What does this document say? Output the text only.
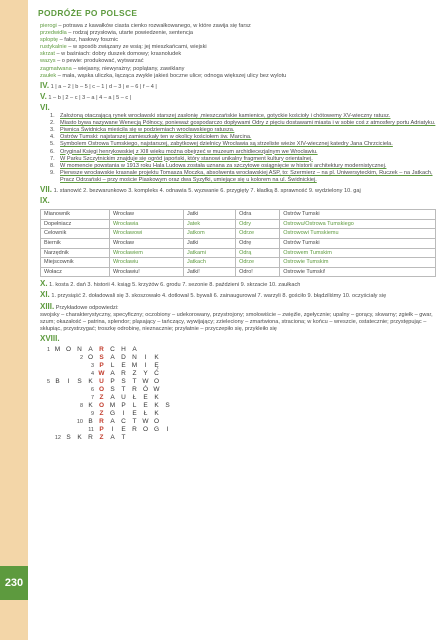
230
PODRÓŻE PO POLSCE
pierogi – potrawa z kawałków ciasta cienko rozwałkowanego, w które zawija się farsz
przedwidła – rodzaj przysłowia, utarte powiedzenie, sentencja
sploptę – fałsz, hasłowy fosznic
rustykalnie – w sposób związany ze wsią: jej mieszkańcami, wiejski
skrzat – w baśniach: dobry duszek domowy; krasnoludek
wazys – o pewie: produkować, wytwarzać
zagmatwana – wiejasny, niewyrażny; poplątany, zawiklany
zaułek – mała, wąska uliczka, łącząca zwykle jakieś boczne ulice; odnoga większej ulicy bez wylotu
IV. 1 | a – 2 | b – 5 | c – 1 | d – 3 | e – 6 | f – 4 |
V. 1 – b | 2 – c | 3 – a | 4 – a | 5 – c |
VI.
1. Założoną otaczającą rynek wrocławski starszej zasłonię ‚mieszczańskie kamienice, gotyckie kościoły i chótowemy XV-wieczny ratusz.
2. Miasto bywa nazywane Wenecją Północy, ponieważ gospodarczo dopływami Odry z pięciu dostawami miasta i w sobie coś z atmosfery portu Adriatyku.
3. Piwnica Świdnicka mieściła się w podziemiach wrocławskiego ratusza.
4. Ostrów Tumski: najstarszej zamieszkały ten w okolicy kościołem św. Marcina.
5. Symbolem Ostrowa Tumskiego, najstarszej, zabytkowej dzielnicy Wrocławia są strzeliste wieże XIV-wiecznej katedry Jana Chrzciciela.
6. Oryginał Księgi henrykowskiej z XIII wieku można obejrzeć w muzeum archidiecezjalnym we Wrocławiu.
7. W Parku Szczytnickim znajduje się ogród japoński, który stanowi unikalny fragment kultury orientalnej.
8. W momencie powstania w 1913 roku Hala Ludowa została uznana za szczytowe osiągnięcie w historii architektury modernistycznej.
9. Pierwsze wrocławskie krasnale projektu Tomasza Moczka, absolwenta wrocławskiej ASP, to: Szermierz – na pl. Uniwersyteckim, Ruczek – na Jatkach, Pracz Odrzański – przy moście Piaskowym oraz dwa Syzyfki, umiejące się u kolorem na ul. Świdnickiej.
VII. 1. stanowić 2. bezwarunkowo 3. kompleks 4. odnawia 5. wyzwanie 6. przygięty 7. kładką 8. sprawność 9. wydzielony 10. gaj
IX.
Mianownik	Wrocław	Jatki	Odra	Ostrów Tumski
Dopełniacz	Wrocławia	Jatek	Odry	Ostrowu/Ostrowa Tumskiego
Celownik	Wrocławowi	Jatkom	Odrze	Ostrowowi Tumskiemu
Biernik	Wrocław	Jatki	Odrę	Ostrów Tumski
Narzędnik	Wrocławiem	Jatkami	Odrą	Ostrowem Tumskim
Miejscownik	Wrocławiu	Jatkach	Odrze	Ostrowie Tumskim
Wołacz	Wrocławiu!	Jatki!	Odro!	Ostrowie Tumski!
X. 1. kosta 2. dań 3. historii 4. ksiąg 5. krzyżów 6. grodu 7. sezonie 8. paździeni 9. skrzacie 10. zaułkach
XI. 1. przysiąść 2. doładowali się 3. skoszowało 4. dotlował 5. bywali 6. zainaugurował 7. warzyli 8. gościło 9. błądziliśmy 10. oczyściały się
XIII. Przykładowe odpowiedzi:
swojsky – charakterystyczny, specyficzny; oczobiony – udekorowany, przystrojony; smołowiście – zwięźle, zgełycznie; upalny – gorący, skwarny; zgiełk – gwar, szum; okazałość – patrina, splendor; pląsający – tańczący, wywijający; zzieleciony – zmartwiona, straciona; w końcu – wreszcie, ostatecznie; przystępując – skłupiąc, przystrzygać; troszkę odrobinę, nieznacznie; przyłatnie – przyczepiło się, przykleiło się
XVIII.
1 M O N A R C H A
2 O S	A D N	I	K
3 P	L	E M	I	Ę
4 W A R	Z	Y Ć
5 B	I	S	K U P	S	T W O
6 O S	T	R Ó W
7 Z	A U	Ł	E	K
8 K O M P	L	E	K	S
9 Z G	I	E	Ł	K
10 B R A C	T W O
11 P	I	E R O G	I
12 S	K R	Z	A	T
